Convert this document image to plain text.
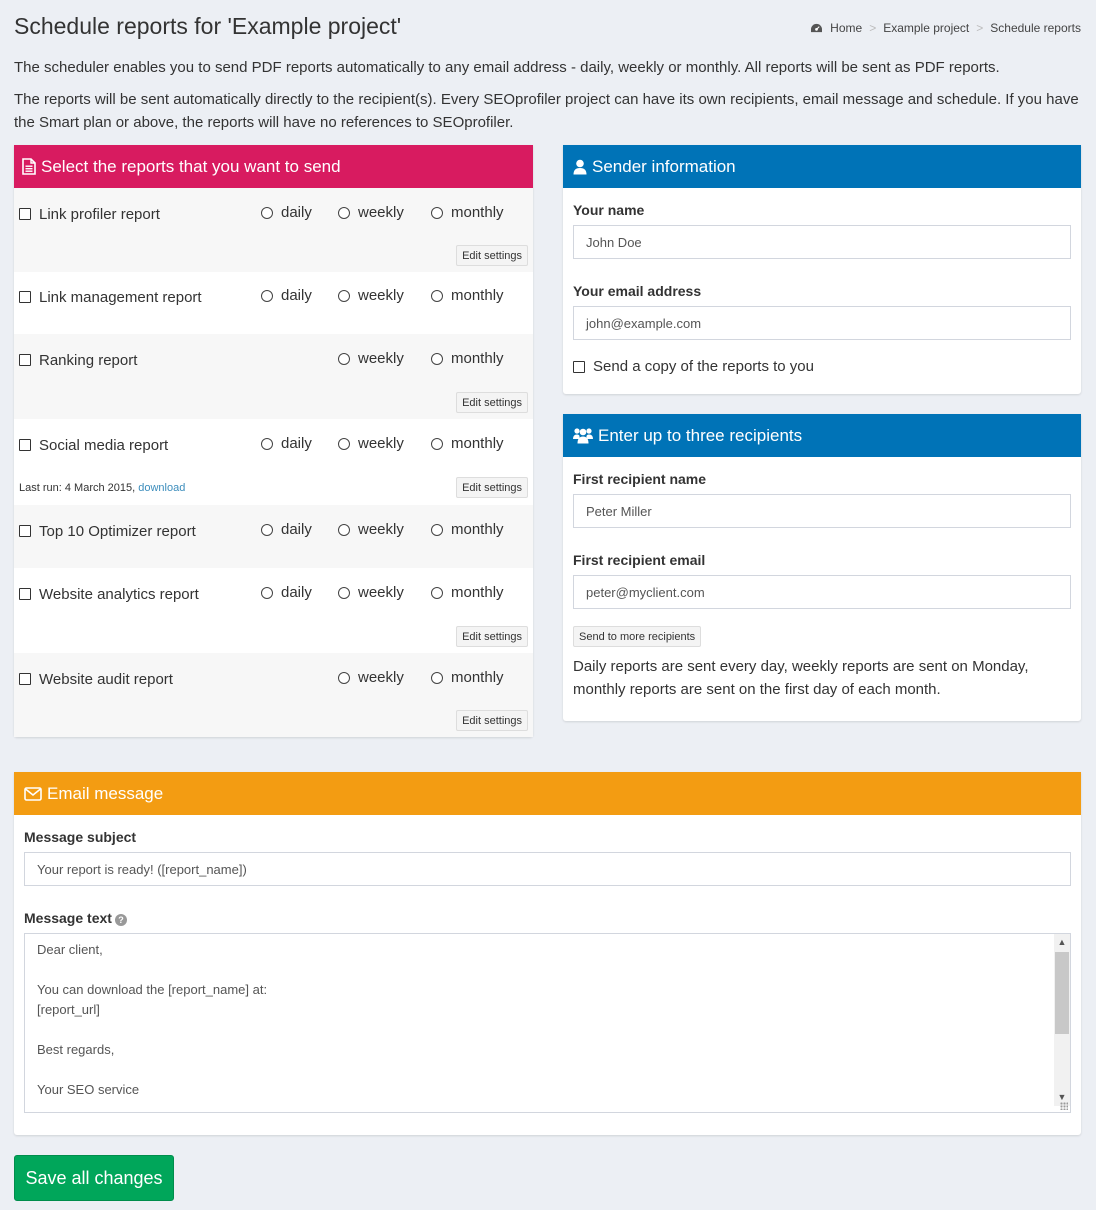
Schedule reports for 'Example project'	Home > Example project > Schedule reports

The scheduler enables you to send PDF reports automatically to any email address - daily, weekly or monthly. All reports will be sent as PDF reports.

The reports will be sent automatically directly to the recipient(s). Every SEOprofiler project can have its own recipients, email message and schedule. If you have the Smart plan or above, the reports will have no references to SEOprofiler.

Select the reports that you want to send
Link profiler report	daily	weekly	monthly
Edit settings
Link management report	daily	weekly	monthly
Ranking report	weekly	monthly
Edit settings
Social media report	daily	weekly	monthly
Last run: 4 March 2015, download	Edit settings
Top 10 Optimizer report	daily	weekly	monthly
Website analytics report	daily	weekly	monthly
Edit settings
Website audit report	weekly	monthly
Edit settings
Sender information
Your name
John Doe
Your email address
john@example.com
Send a copy of the reports to you
Enter up to three recipients
First recipient name
Peter Miller
First recipient email
peter@myclient.com
Send to more recipients
Daily reports are sent every day, weekly reports are sent on Monday, monthly reports are sent on the first day of each month.
Email message
Message subject
Your report is ready! ([report_name])
Message text ?
Dear client,
You can download the [report_name] at:
[report_url]
Best regards,
Your SEO service
▲
▼
Save all changes
